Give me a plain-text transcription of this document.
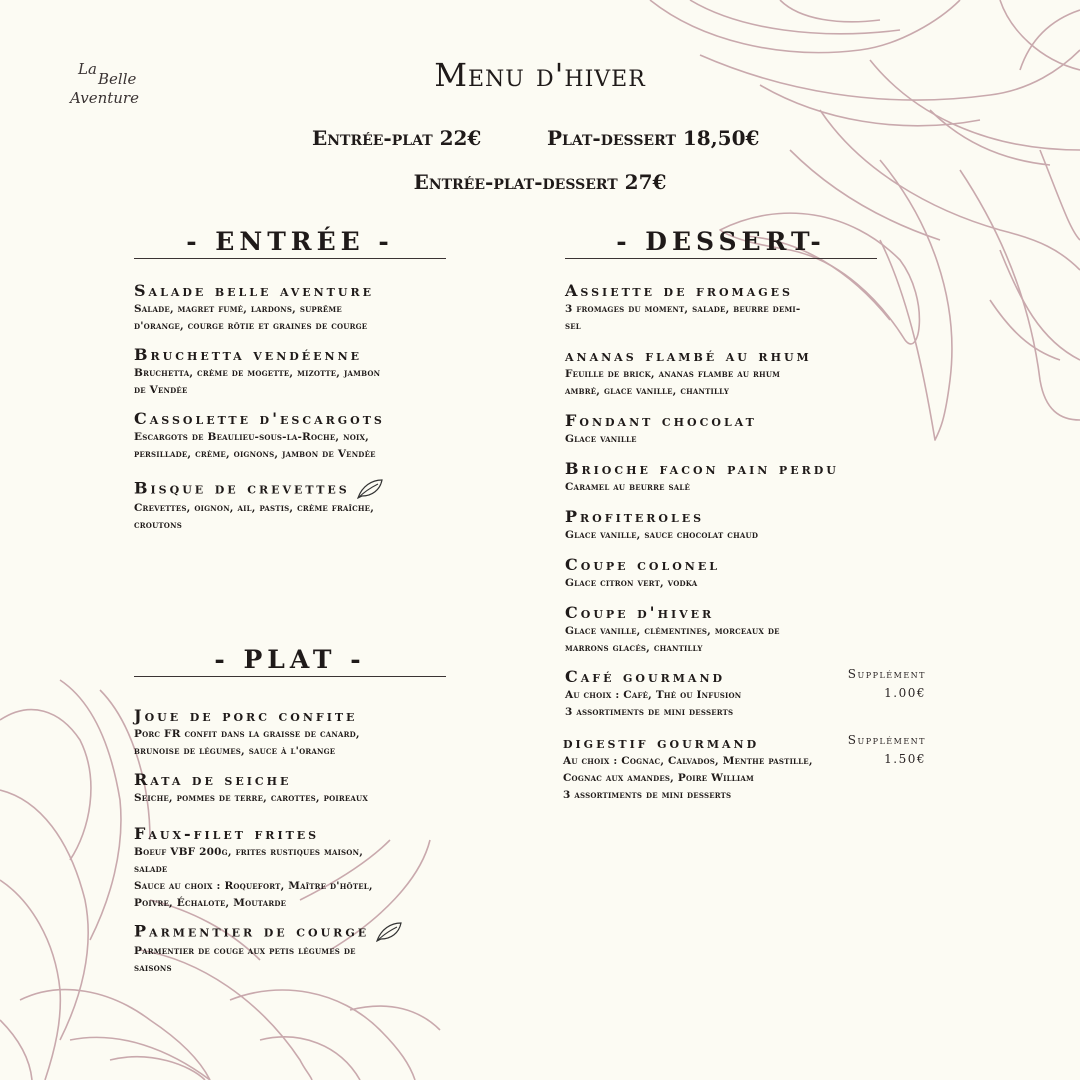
La
Belle
Aventure
Menu d'hiver
Entrée-plat 22€	Plat-dessert 18,50€
Entrée-plat-dessert 27€
- ENTRÉE -
Salade belle aventure
Salade, magret fumé, lardons, suprême
d'orange, courge rôtie et graines de courge
Bruchetta vendéenne
Bruchetta, crème de mogette, mizotte, jambon
de Vendée
Cassolette d'escargots
Escargots de Beaulieu-sous-la-Roche, noix,
persillade, crème, oignons, jambon de Vendée
Bisque de crevettes
Crevettes, oignon, ail, pastis, crème fraîche,
croutons
- PLAT -
Joue de porc confite
Porc FR confit dans la graisse de canard,
brunoise de légumes, sauce à l'orange
Rata de seiche
Seiche, pommes de terre, carottes, poireaux
Faux-filet frites
Boeuf VBF 200g, frites rustiques maison,
salade
Sauce au choix : Roquefort, Maître d'hôtel,
Poivre, Échalote, Moutarde
Parmentier de courge
Parmentier de couge aux petis légumes de
saisons
- DESSERT-
Assiette de fromages
3 fromages du moment, salade, beurre demi-
sel
ananas flambé au rhum
Feuille de brick, ananas flambe au rhum
ambré, glace vanille, chantilly
Fondant chocolat
Glace vanille
Brioche facon pain perdu
Caramel au beurre salé
Profiteroles
Glace vanille, sauce chocolat chaud
Coupe colonel
Glace citron vert, vodka
Coupe d'hiver
Glace vanille, clémentines, morceaux de
marrons glacés, chantilly
Café gourmand
Au choix : Café, Thé ou Infusion
3 assortiments de mini desserts
Supplément
1.00€
digestif gourmand
Au choix : Cognac, Calvados, Menthe pastille,
Cognac aux amandes, Poire William
3 assortiments de mini desserts
Supplément
1.50€
